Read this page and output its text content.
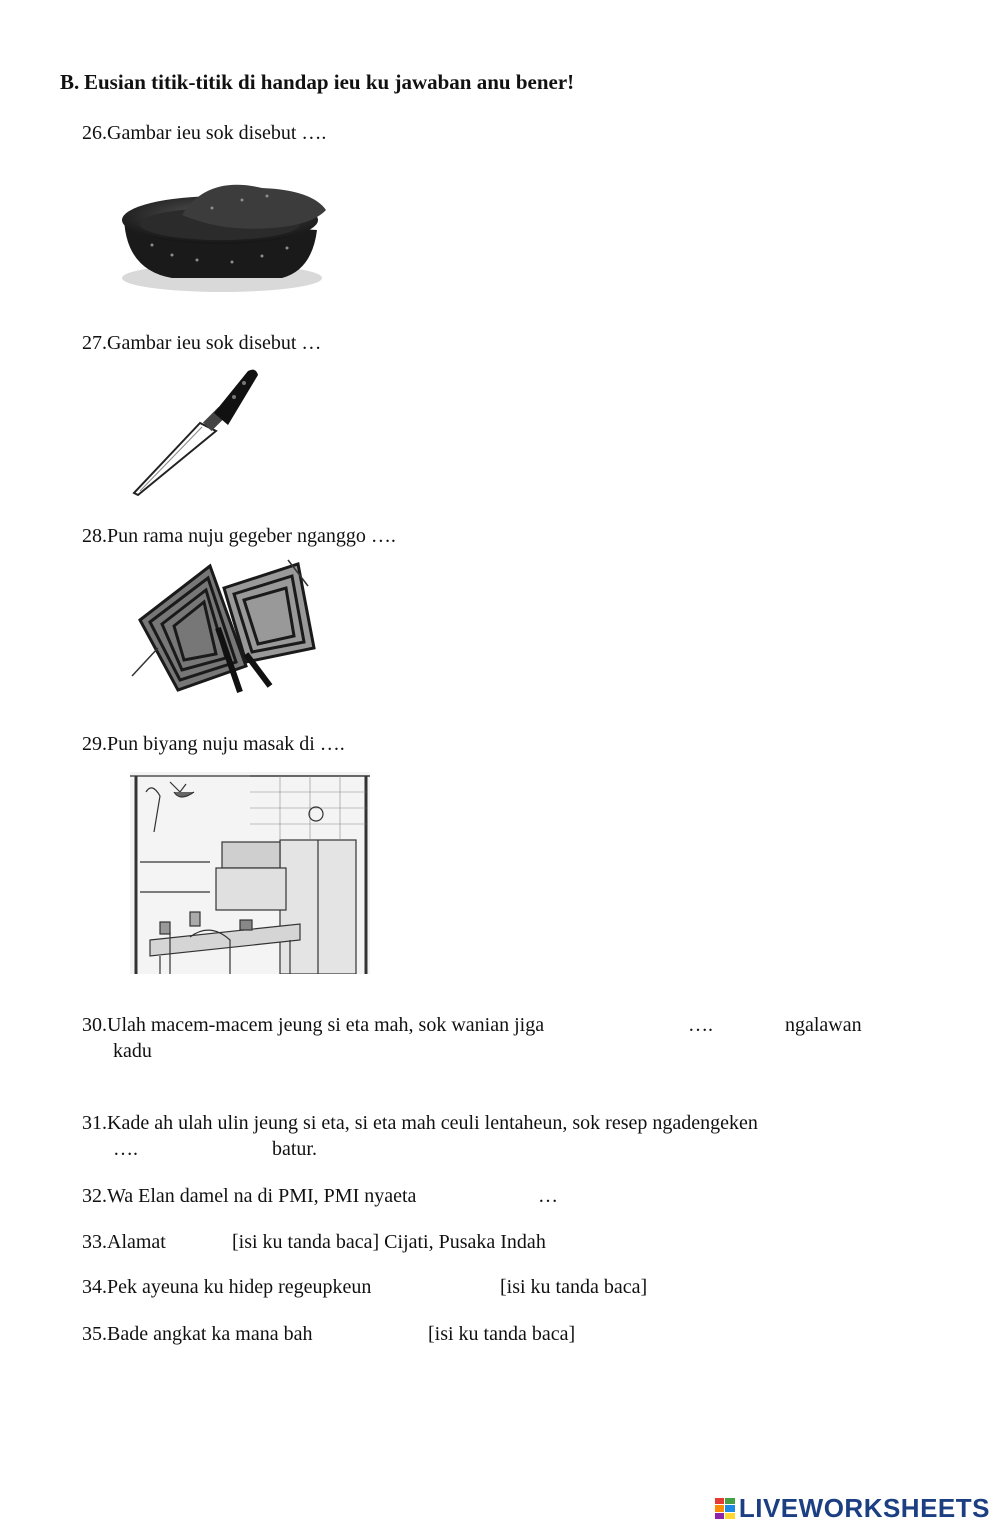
B. Eusian titik-titik di handap ieu ku jawaban anu bener!
26.Gambar ieu sok disebut ….
27.Gambar ieu sok disebut …
28.Pun rama nuju gegeber nganggo ….
29.Pun biyang nuju masak di ….
30.Ulah macem-macem jeung si eta mah, sok wanian jiga	….	ngalawan
kadu
31.Kade ah ulah ulin jeung si eta, si eta mah ceuli lentaheun, sok resep ngadengeken
….	batur.
32.Wa Elan damel na di PMI, PMI nyaeta	…
33.Alamat	[isi ku tanda baca] Cijati, Pusaka Indah
34.Pek ayeuna ku hidep regeupkeun	[isi ku tanda baca]
35.Bade angkat ka mana bah	[isi ku tanda baca]
LIVEWORKSHEETS
